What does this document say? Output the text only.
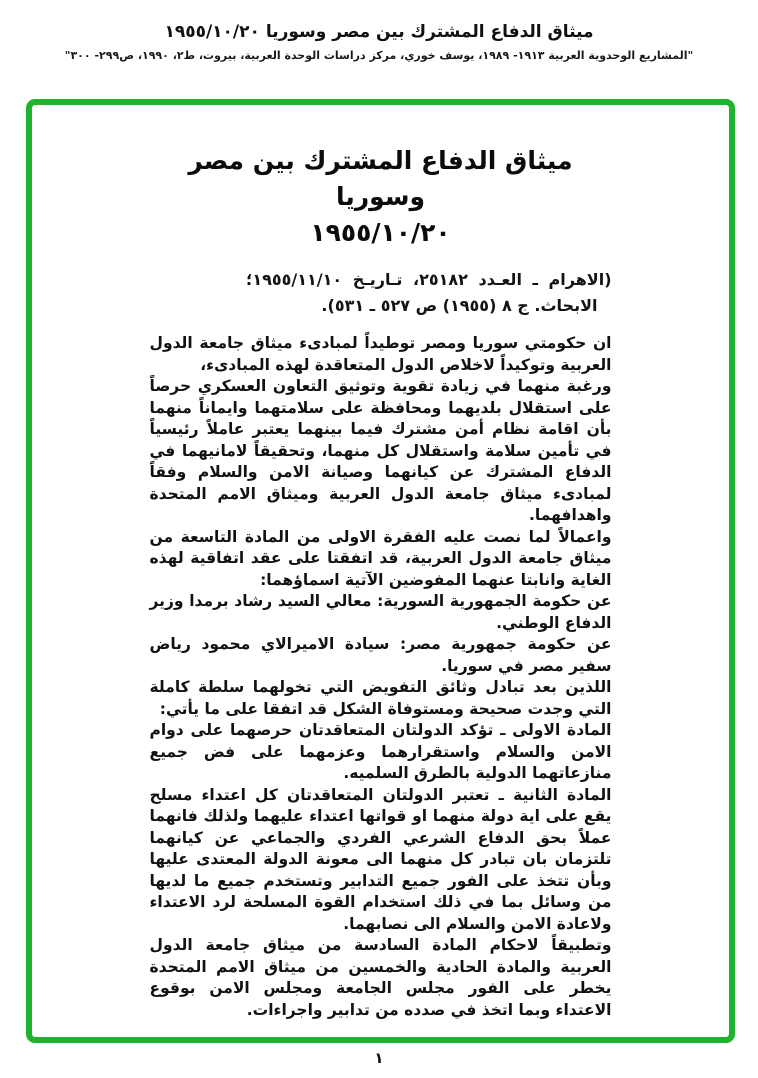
ميثاق الدفاع المشترك بين مصر وسوريا ١٩٥٥/١٠/٢٠
"المشاريع الوحدوية العربية ١٩١٣- ١٩٨٩، يوسف خوري، مركز دراسات الوحدة العربية، بيروت، ط٢، ١٩٩٠، ص٢٩٩- ٣٠٠"
ميثاق الدفاع المشترك بين مصر وسوريا
١٩٥٥/١٠/٢٠
(الاهرام ـ العـدد ٢٥١٨٢، تـاريـخ ١٩٥٥/١١/١٠؛
الابحاث. ج ٨ (١٩٥٥) ص ٥٢٧ ـ ٥٣١).

ان حكومتي سوريا ومصر توطيداً لمبادىء ميثاق جامعة الدول العربية وتوكيداً لاخلاص الدول المتعاقدة لهذه المبادىء،

ورغبة منهما في زيادة تقوية وتوثيق التعاون العسكري حرصاً على استقلال بلديهما ومحافظة على سلامتهما وايماناً منهما بأن اقامة نظام أمن مشترك فيما بينهما يعتبر عاملاً رئيسياً في تأمين سلامة واستقلال كل منهما، وتحقيقاً لامانيهما في الدفاع المشترك عن كيانهما وصيانة الامن والسلام وفقاً لمبادىء ميثاق جامعة الدول العربية وميثاق الامم المتحدة واهدافهما.

واعمالاً لما نصت عليه الفقرة الاولى من المادة التاسعة من ميثاق جامعة الدول العربية، قد اتفقتا على عقد اتفاقية لهذه الغاية وانابتا عنهما المفوضين الآتية اسماؤهما:

عن حكومة الجمهورية السورية: معالي السيد رشاد برمدا وزير الدفاع الوطني.

عن حكومة جمهورية مصر: سيادة الاميرالاي محمود رياض سفير مصر في سوريا.

اللذين بعد تبادل وثائق التفويض التي تخولهما سلطة كاملة التي وجدت صحيحة ومستوفاة الشكل قد اتفقا على ما يأتي:

المادة الاولى ـ تؤكد الدولتان المتعاقدتان حرصهما على دوام الامن والسلام واستقرارهما وعزمهما على فض جميع منازعاتهما الدولية بالطرق السلميه.

المادة الثانية ـ تعتبر الدولتان المتعاقدتان كل اعتداء مسلح يقع على اية دولة منهما او قواتها اعتداء عليهما ولذلك فانهما عملاً بحق الدفاع الشرعي الفردي والجماعي عن كيانهما تلتزمان بان تبادر كل منهما الى معونة الدولة المعتدى عليها وبأن تتخذ على الفور جميع التدابير وتستخدم جميع ما لديها من وسائل بما في ذلك استخدام القوة المسلحة لرد الاعتداء ولاعادة الامن والسلام الى نصابهما.

وتطبيقاً لاحكام المادة السادسة من ميثاق جامعة الدول العربية والمادة الحادية والخمسين من ميثاق الامم المتحدة يخطر على الفور مجلس الجامعة ومجلس الامن بوقوع الاعتداء وبما اتخذ في صدده من تدابير واجراءات.

١
